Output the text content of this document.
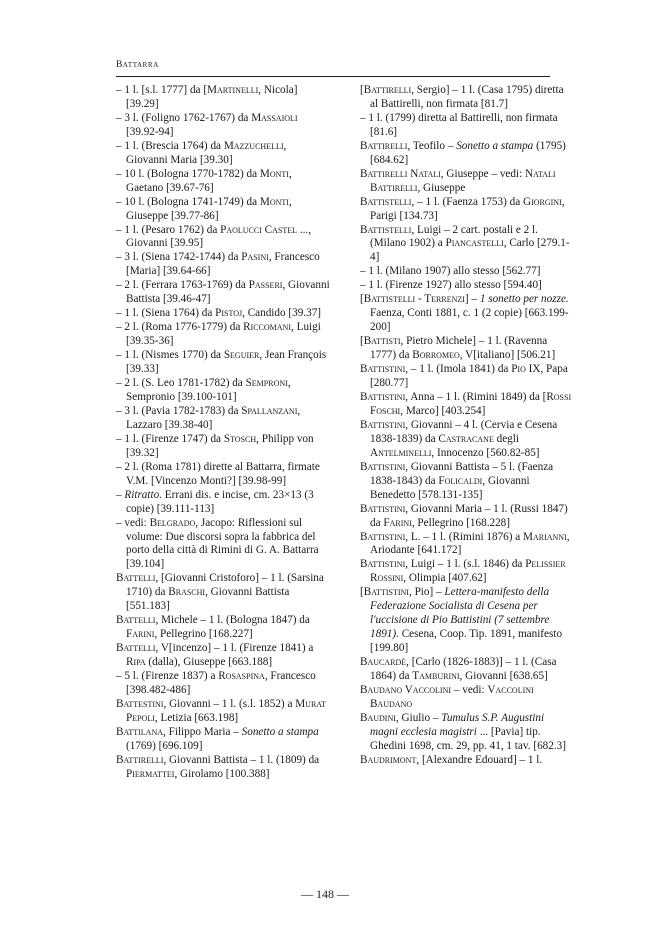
Battarra

– 1 l. [s.l. 1777] da [Martinelli, Nicola] [39.29]

– 3 l. (Foligno 1762-1767) da Massaioli [39.92-94]

– 1 l. (Brescia 1764) da Mazzuchelli, Giovanni Maria [39.30]

– 10 l. (Bologna 1770-1782) da Monti, Gaetano [39.67-76]

– 10 l. (Bologna 1741-1749) da Monti, Giuseppe [39.77-86]

– 1 l. (Pesaro 1762) da Paolucci Castel ..., Giovanni [39.95]

– 3 l. (Siena 1742-1744) da Pasini, Francesco [Maria] [39.64-66]

– 2 l. (Ferrara 1763-1769) da Passeri, Giovanni Battista [39.46-47]

– 1 l. (Siena 1764) da Pistoj, Candido [39.37]

– 2 l. (Roma 1776-1779) da Riccomani, Luigi [39.35-36]

– 1 l. (Nismes 1770) da Seguier, Jean François [39.33]

– 2 l. (S. Leo 1781-1782) da Semproni, Sempronio [39.100-101]

– 3 l. (Pavia 1782-1783) da Spallanzani, Lazzaro [39.38-40]

– 1 l. (Firenze 1747) da Stosch, Philipp von [39.32]

– 2 l. (Roma 1781) dirette al Battarra, firmate V.M. [Vincenzo Monti?] [39.98-99]

– Ritratto. Errani dis. e incise, cm. 23×13 (3 copie) [39.111-113]

– vedi: Belgrado, Jacopo: Riflessioni sul volume: Due discorsi sopra la fabbrica del porto della città di Rimini di G. A. Battarra [39.104]

Battelli, [Giovanni Cristoforo] – 1 l. (Sarsina 1710) da Braschi, Giovanni Battista [551.183]

Battelli, Michele – 1 l. (Bologna 1847) da Farini, Pellegrino [168.227]

Battelli, V[incenzo] – 1 l. (Firenze 1841) a Ripa (dalla), Giuseppe [663.188]

– 5 l. (Firenze 1837) a Rosaspina, Francesco [398.482-486]

Battestini, Giovanni – 1 l. (s.l. 1852) a Murat Pepoli, Letizia [663.198]

Battilana, Filippo Maria – Sonetto a stampa (1769) [696.109]

Battirelli, Giovanni Battista – 1 l. (1809) da Piermattei, Girolamo [100.388]

[Battirelli, Sergio] – 1 l. (Casa 1795) diretta al Battirelli, non firmata [81.7]

– 1 l. (1799) diretta al Battirelli, non firmata [81.6]

Battirelli, Teofilo – Sonetto a stampa (1795) [684.62]

Battirelli Natali, Giuseppe – vedi: Natali Battirelli, Giuseppe

Battistelli, – 1 l. (Faenza 1753) da Giorgini, Parigi [134.73]

Battistelli, Luigi – 2 cart. postali e 2 l. (Milano 1902) a Piancastelli, Carlo [279.1-4]

– 1 l. (Milano 1907) allo stesso [562.77]

– 1 l. (Firenze 1927) allo stesso [594.40]

[Battistelli - Terrenzi] – 1 sonetto per nozze. Faenza, Conti 1881, c. 1 (2 copie) [663.199-200]

[Battisti, Pietro Michele] – 1 l. (Ravenna 1777) da Borromeo, V[italiano] [506.21]

Battistini, – 1 l. (Imola 1841) da Pio IX, Papa [280.77]

Battistini, Anna – 1 l. (Rimini 1849) da [Rossi Foschi, Marco] [403.254]

Battistini, Giovanni – 4 l. (Cervia e Cesena 1838-1839) da Castracane degli Antelminelli, Innocenzo [560.82-85]

Battistini, Giovanni Battista – 5 l. (Faenza 1838-1843) da Folicaldi, Giovanni Benedetto [578.131-135]

Battistini, Giovanni Maria – 1 l. (Russi 1847) da Farini, Pellegrino [168.228]

Battistini, L. – 1 l. (Rimini 1876) a Marianni, Ariodante [641.172]

Battistini, Luigi – 1 l. (s.l. 1846) da Pelissier Rossini, Olimpia [407.62]

[Battistini, Pio] – Lettera-manifesto della Federazione Socialista di Cesena per l'uccisione di Pio Battistini (7 settembre 1891). Cesena, Coop. Tip. 1891, manifesto [199.80]

Baucardè, [Carlo (1826-1883)] – 1 l. (Casa 1864) da Tamburini, Giovanni [638.65]

Baudano Vaccolini – vedi: Vaccolini Baudano

Baudini, Giulio – Tumulus S.P. Augustini magni ecclesia magistri ... [Pavia] tip. Ghedini 1698, cm. 29, pp. 41, 1 tav. [682.3]

Baudrimont, [Alexandre Edouard] – 1 l.

— 148 —
